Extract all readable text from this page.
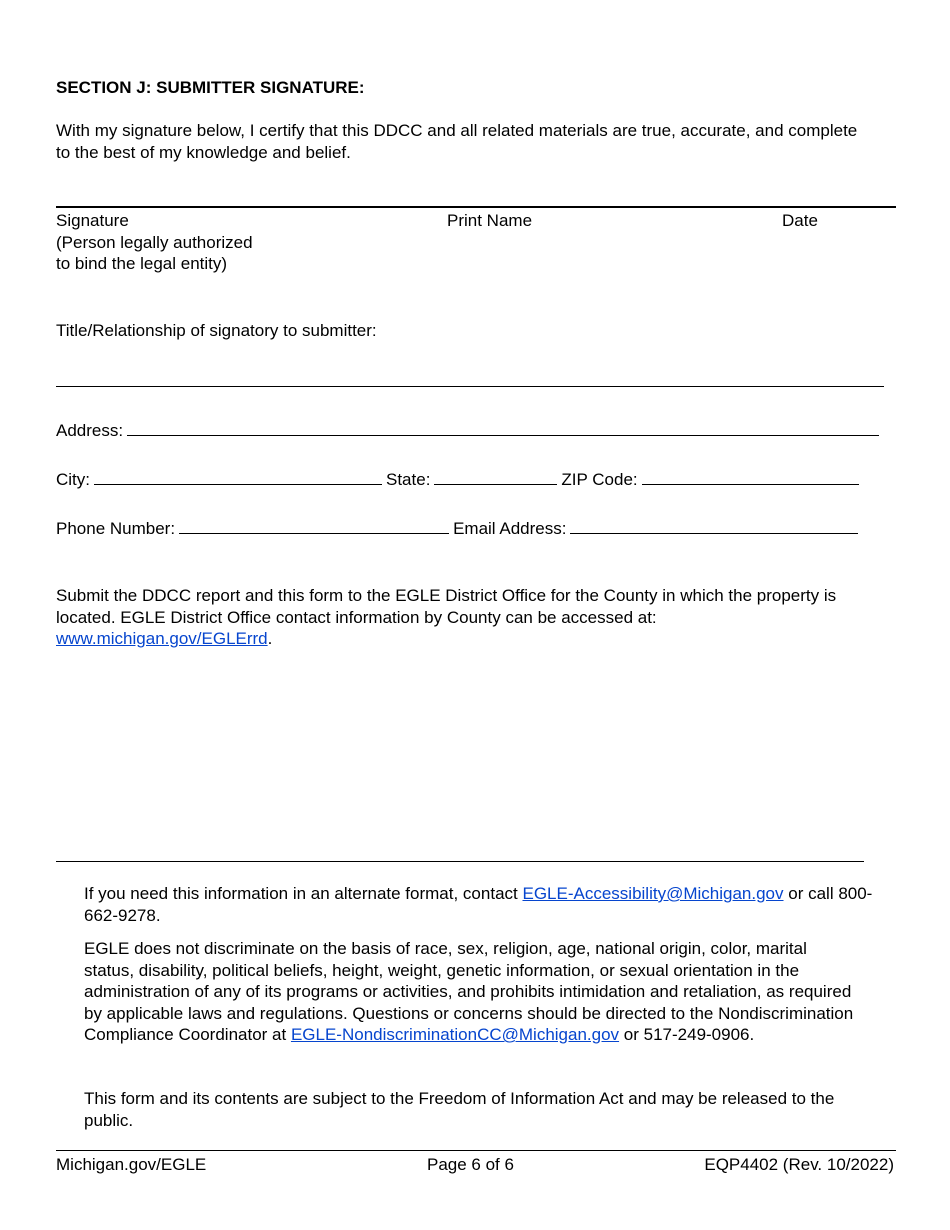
SECTION J: SUBMITTER SIGNATURE:
With my signature below, I certify that this DDCC and all related materials are true, accurate, and complete to the best of my knowledge and belief.
Signature
(Person legally authorized
to bind the legal entity)
Print Name	Date
Title/Relationship of signatory to submitter:
Address:
City:	State:	ZIP Code:
Phone Number:	Email Address:
Submit the DDCC report and this form to the EGLE District Office for the County in which the property is located. EGLE District Office contact information by County can be accessed at:
www.michigan.gov/EGLErrd.
If you need this information in an alternate format, contact EGLE-Accessibility@Michigan.gov or call 800-662-9278.
EGLE does not discriminate on the basis of race, sex, religion, age, national origin, color, marital status, disability, political beliefs, height, weight, genetic information, or sexual orientation in the administration of any of its programs or activities, and prohibits intimidation and retaliation, as required by applicable laws and regulations. Questions or concerns should be directed to the Nondiscrimination Compliance Coordinator at EGLE-NondiscriminationCC@Michigan.gov or 517-249-0906.
This form and its contents are subject to the Freedom of Information Act and may be released to the public.
Michigan.gov/EGLE	Page 6 of 6	EQP4402 (Rev. 10/2022)
